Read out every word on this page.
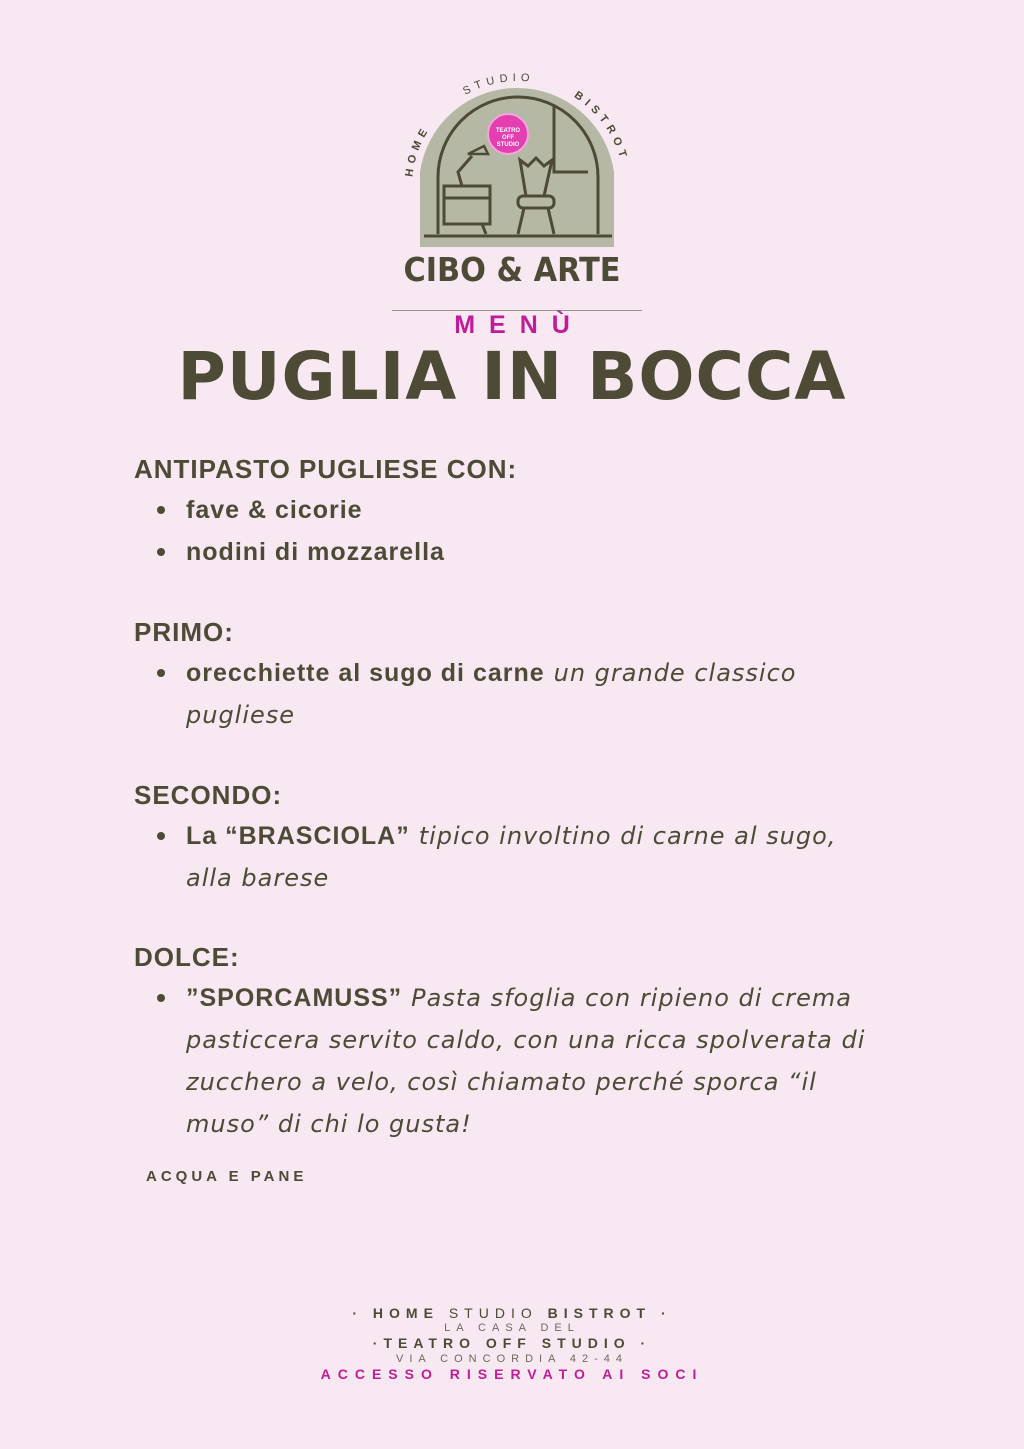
HOME STUDIO BISTROT
TEATRO OFF STUDIO
CIBO & ARTE
MENÙ
PUGLIA IN BOCCA
ANTIPASTO PUGLIESE CON:
fave & cicorie
nodini di mozzarella
PRIMO:
orecchiette al sugo di carne un grande classico pugliese
SECONDO:
La “BRASCIOLA” tipico involtino di carne al sugo, alla barese
DOLCE:
”SPORCAMUSS” Pasta sfoglia con ripieno di crema pasticcera servito caldo, con una ricca spolverata di zucchero a velo, così chiamato perché sporca “il muso” di chi lo gusta!
ACQUA E PANE
· HOME STUDIO BISTROT ·
LA CASA DEL
·TEATRO OFF STUDIO ·
VIA CONCORDIA 42-44
ACCESSO RISERVATO AI SOCI
